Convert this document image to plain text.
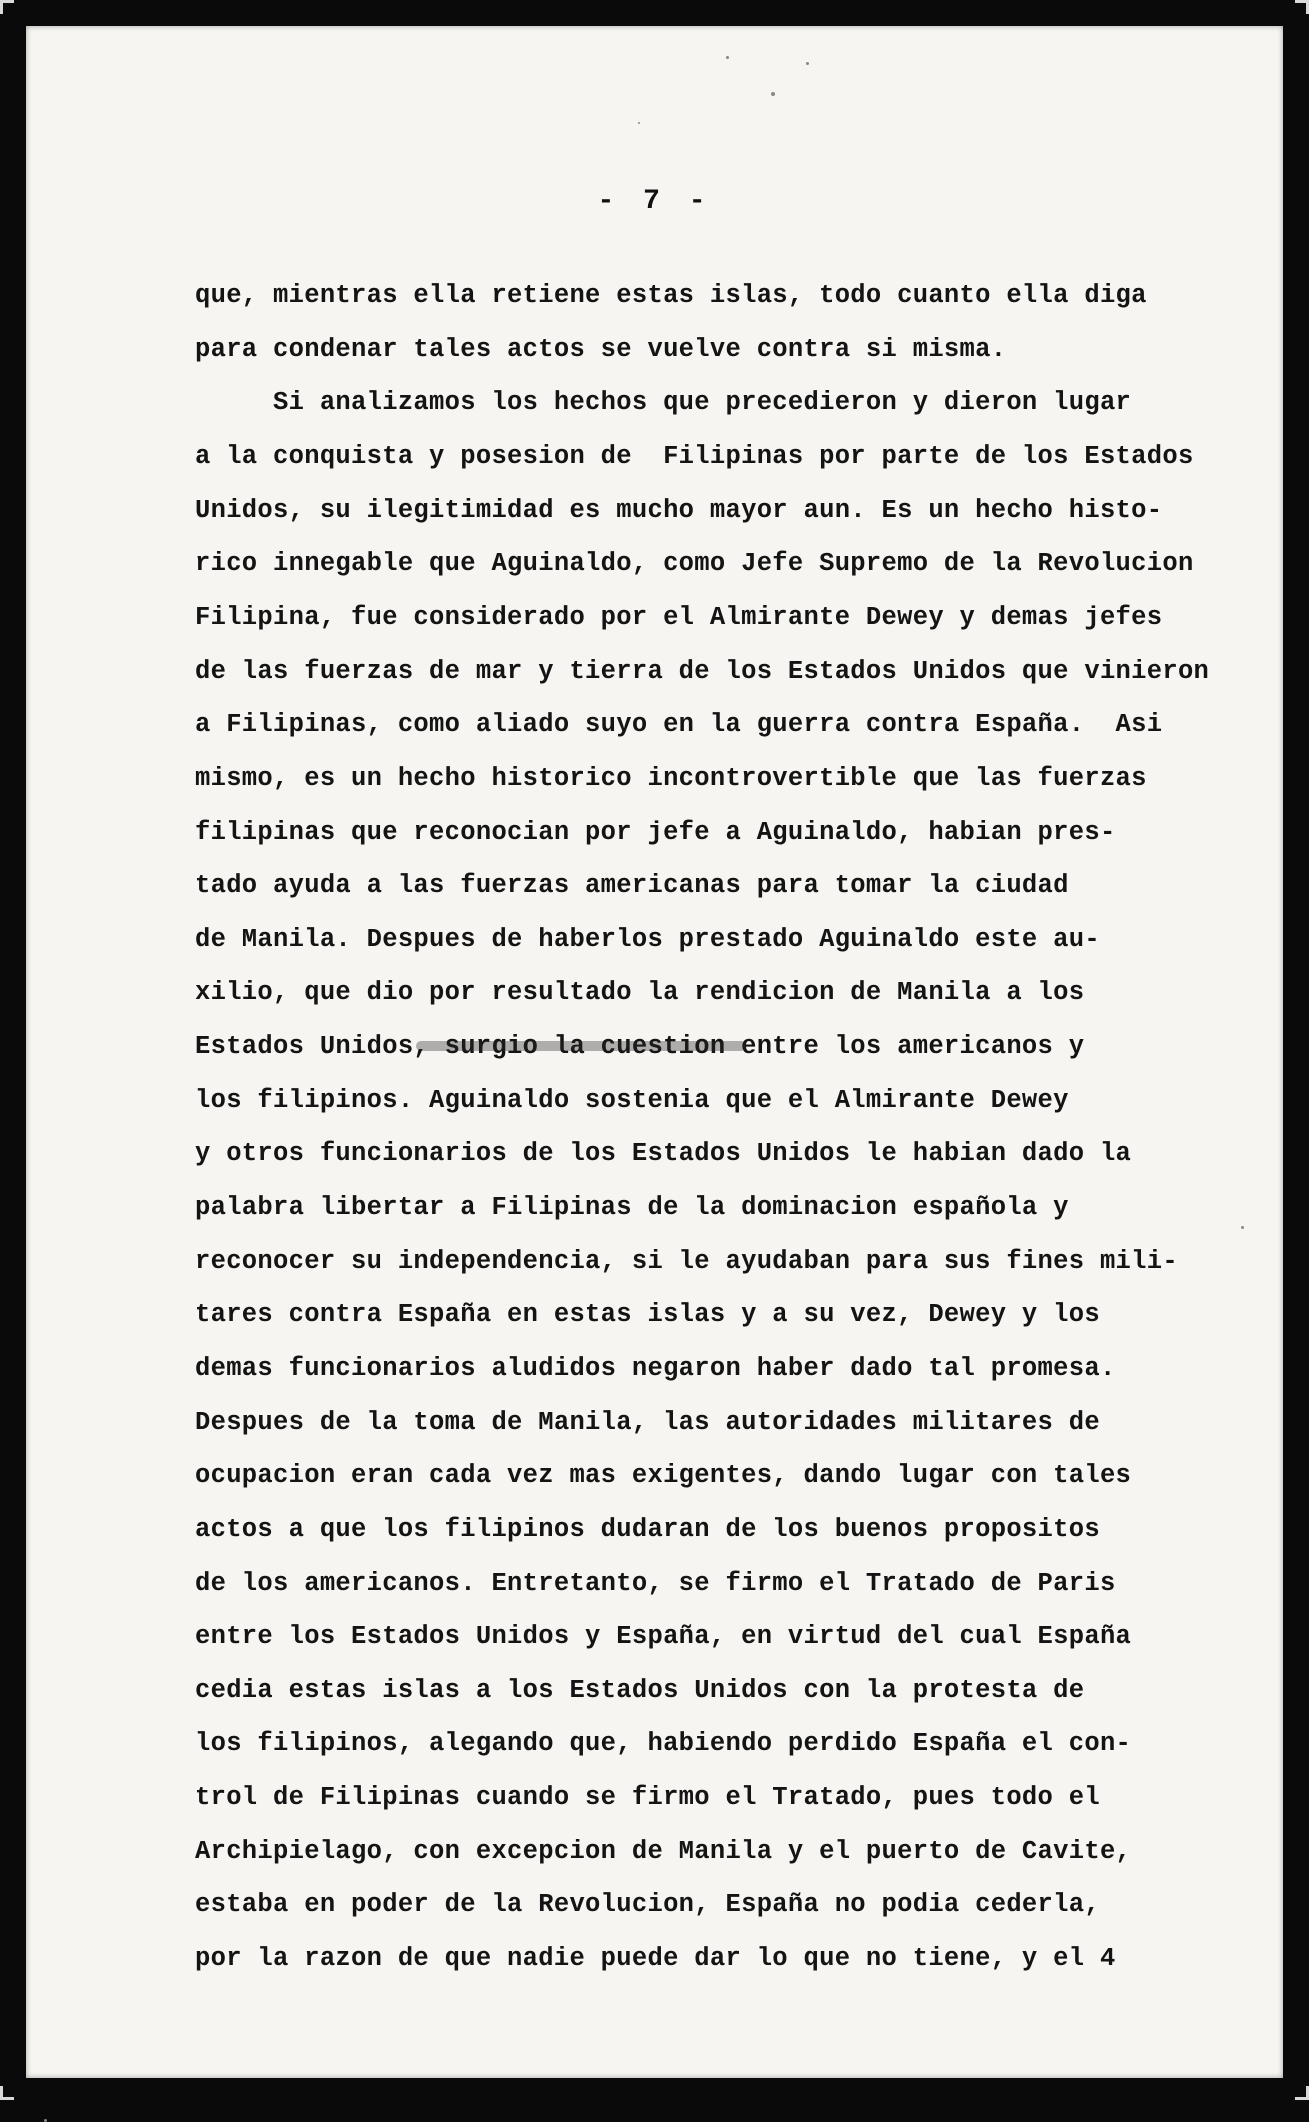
- 7 -
que, mientras ella retiene estas islas, todo cuanto ella diga
para condenar tales actos se vuelve contra si misma.
Si analizamos los hechos que precedieron y dieron lugar
a la conquista y posesion de  Filipinas por parte de los Estados
Unidos, su ilegitimidad es mucho mayor aun. Es un hecho histo-
rico innegable que Aguinaldo, como Jefe Supremo de la Revolucion
Filipina, fue considerado por el Almirante Dewey y demas jefes
de las fuerzas de mar y tierra de los Estados Unidos que vinieron
a Filipinas, como aliado suyo en la guerra contra España.  Asi
mismo, es un hecho historico incontrovertible que las fuerzas
filipinas que reconocian por jefe a Aguinaldo, habian pres-
tado ayuda a las fuerzas americanas para tomar la ciudad
de Manila. Despues de haberlos prestado Aguinaldo este au-
xilio, que dio por resultado la rendicion de Manila a los
Estados Unidos, surgio la cuestion entre los americanos y
los filipinos. Aguinaldo sostenia que el Almirante Dewey
y otros funcionarios de los Estados Unidos le habian dado la
palabra libertar a Filipinas de la dominacion española y
reconocer su independencia, si le ayudaban para sus fines mili-
tares contra España en estas islas y a su vez, Dewey y los
demas funcionarios aludidos negaron haber dado tal promesa.
Despues de la toma de Manila, las autoridades militares de
ocupacion eran cada vez mas exigentes, dando lugar con tales
actos a que los filipinos dudaran de los buenos propositos
de los americanos. Entretanto, se firmo el Tratado de Paris
entre los Estados Unidos y España, en virtud del cual España
cedia estas islas a los Estados Unidos con la protesta de
los filipinos, alegando que, habiendo perdido España el con-
trol de Filipinas cuando se firmo el Tratado, pues todo el
Archipielago, con excepcion de Manila y el puerto de Cavite,
estaba en poder de la Revolucion, España no podia cederla,
por la razon de que nadie puede dar lo que no tiene, y el 4
